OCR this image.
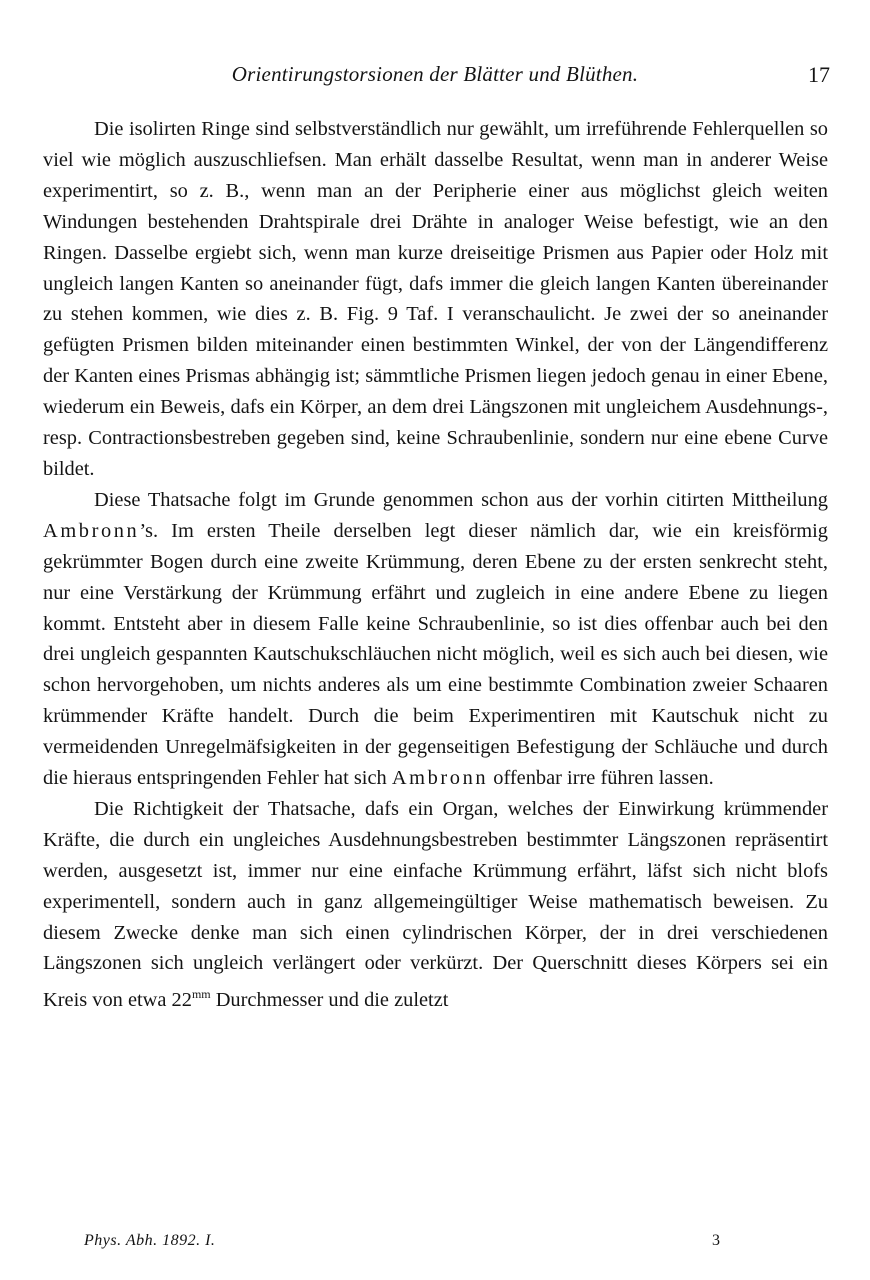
Orientirungstorsionen der Blätter und Blüthen.	17

Die isolirten Ringe sind selbstverständlich nur gewählt, um irreführende Fehlerquellen so viel wie möglich auszuschliefsen. Man erhält dasselbe Resultat, wenn man in anderer Weise experimentirt, so z. B., wenn man an der Peripherie einer aus möglichst gleich weiten Windungen bestehenden Drahtspirale drei Drähte in analoger Weise befestigt, wie an den Ringen. Dasselbe ergiebt sich, wenn man kurze dreiseitige Prismen aus Papier oder Holz mit ungleich langen Kanten so aneinander fügt, dafs immer die gleich langen Kanten übereinander zu stehen kommen, wie dies z. B. Fig. 9 Taf. I veranschaulicht. Je zwei der so aneinander gefügten Prismen bilden miteinander einen bestimmten Winkel, der von der Längendifferenz der Kanten eines Prismas abhängig ist; sämmtliche Prismen liegen jedoch genau in einer Ebene, wiederum ein Beweis, dafs ein Körper, an dem drei Längszonen mit ungleichem Ausdehnungs-, resp. Contractionsbestreben gegeben sind, keine Schraubenlinie, sondern nur eine ebene Curve bildet.

Diese Thatsache folgt im Grunde genommen schon aus der vorhin citirten Mittheilung Ambronn’s. Im ersten Theile derselben legt dieser nämlich dar, wie ein kreisförmig gekrümmter Bogen durch eine zweite Krümmung, deren Ebene zu der ersten senkrecht steht, nur eine Verstärkung der Krümmung erfährt und zugleich in eine andere Ebene zu liegen kommt. Entsteht aber in diesem Falle keine Schraubenlinie, so ist dies offenbar auch bei den drei ungleich gespannten Kautschukschläuchen nicht möglich, weil es sich auch bei diesen, wie schon hervorgehoben, um nichts anderes als um eine bestimmte Combination zweier Schaaren krümmender Kräfte handelt. Durch die beim Experimentiren mit Kautschuk nicht zu vermeidenden Unregelmäfsigkeiten in der gegenseitigen Befestigung der Schläuche und durch die hieraus entspringenden Fehler hat sich Ambronn offenbar irre führen lassen.

Die Richtigkeit der Thatsache, dafs ein Organ, welches der Einwirkung krümmender Kräfte, die durch ein ungleiches Ausdehnungsbestreben bestimmter Längszonen repräsentirt werden, ausgesetzt ist, immer nur eine einfache Krümmung erfährt, läfst sich nicht blofs experimentell, sondern auch in ganz allgemeingültiger Weise mathematisch beweisen. Zu diesem Zwecke denke man sich einen cylindrischen Körper, der in drei verschiedenen Längszonen sich ungleich verlängert oder verkürzt. Der Querschnitt dieses Körpers sei ein Kreis von etwa $22^{mm}$ Durchmesser und die zuletzt

Phys. Abh. 1892. I.	3
